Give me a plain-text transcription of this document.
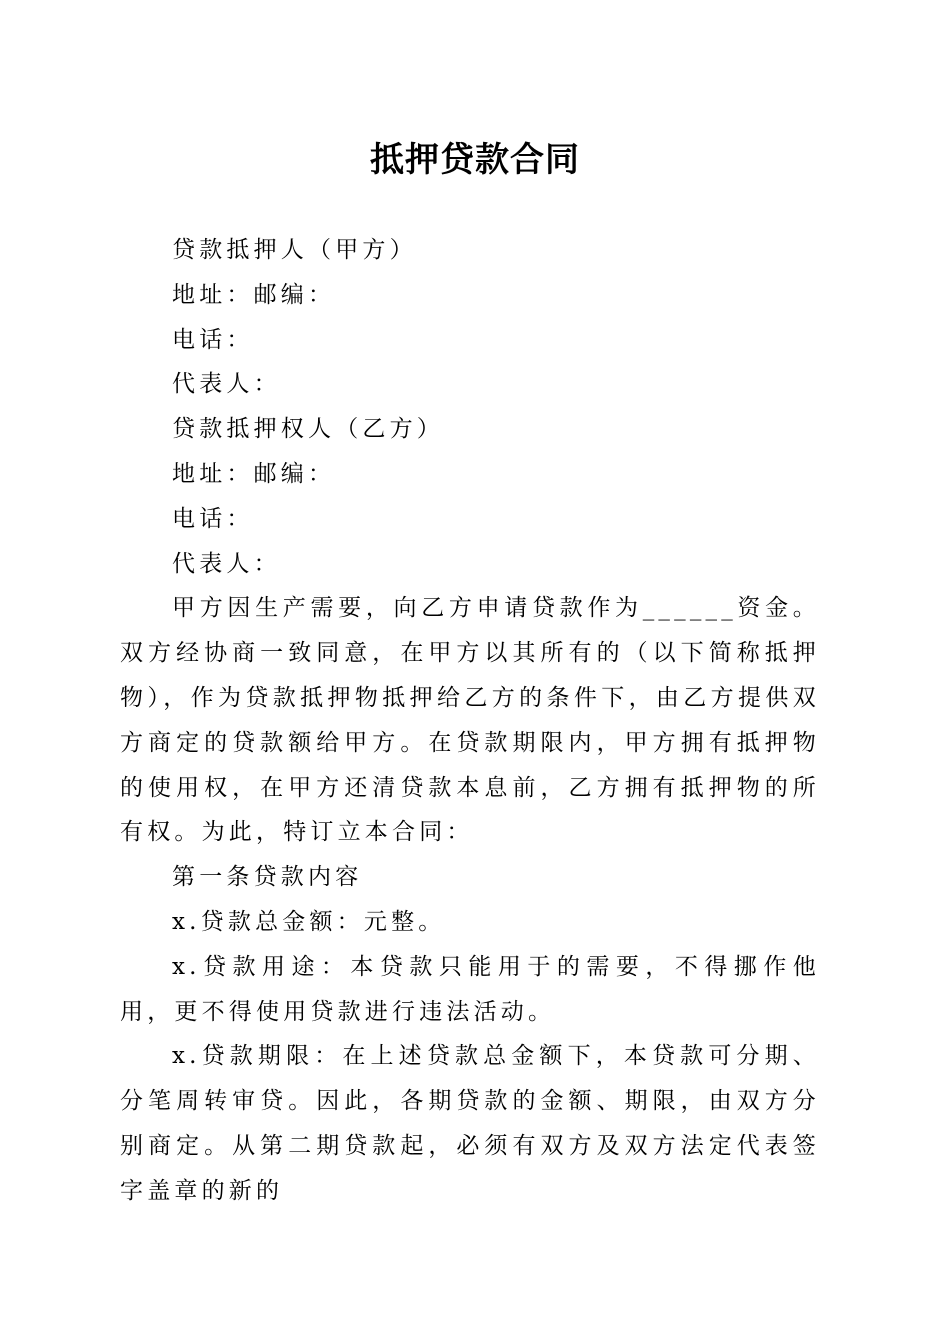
抵押贷款合同

贷款抵押人（甲方）

地址：邮编：

电话：

代表人：

贷款抵押权人（乙方）

地址：邮编：

电话：

代表人：

甲方因生产需要，向乙方申请贷款作为______资金。双方经协商一致同意，在甲方以其所有的（以下简称抵押物），作为贷款抵押物抵押给乙方的条件下，由乙方提供双方商定的贷款额给甲方。在贷款期限内，甲方拥有抵押物的使用权，在甲方还清贷款本息前，乙方拥有抵押物的所有权。为此，特订立本合同：

第一条贷款内容

x.贷款总金额：元整。

x.贷款用途：本贷款只能用于的需要，不得挪作他用，更不得使用贷款进行违法活动。

x.贷款期限：在上述贷款总金额下，本贷款可分期、分笔周转审贷。因此，各期贷款的金额、期限，由双方分别商定。从第二期贷款起，必须有双方及双方法定代表签字盖章的新的
